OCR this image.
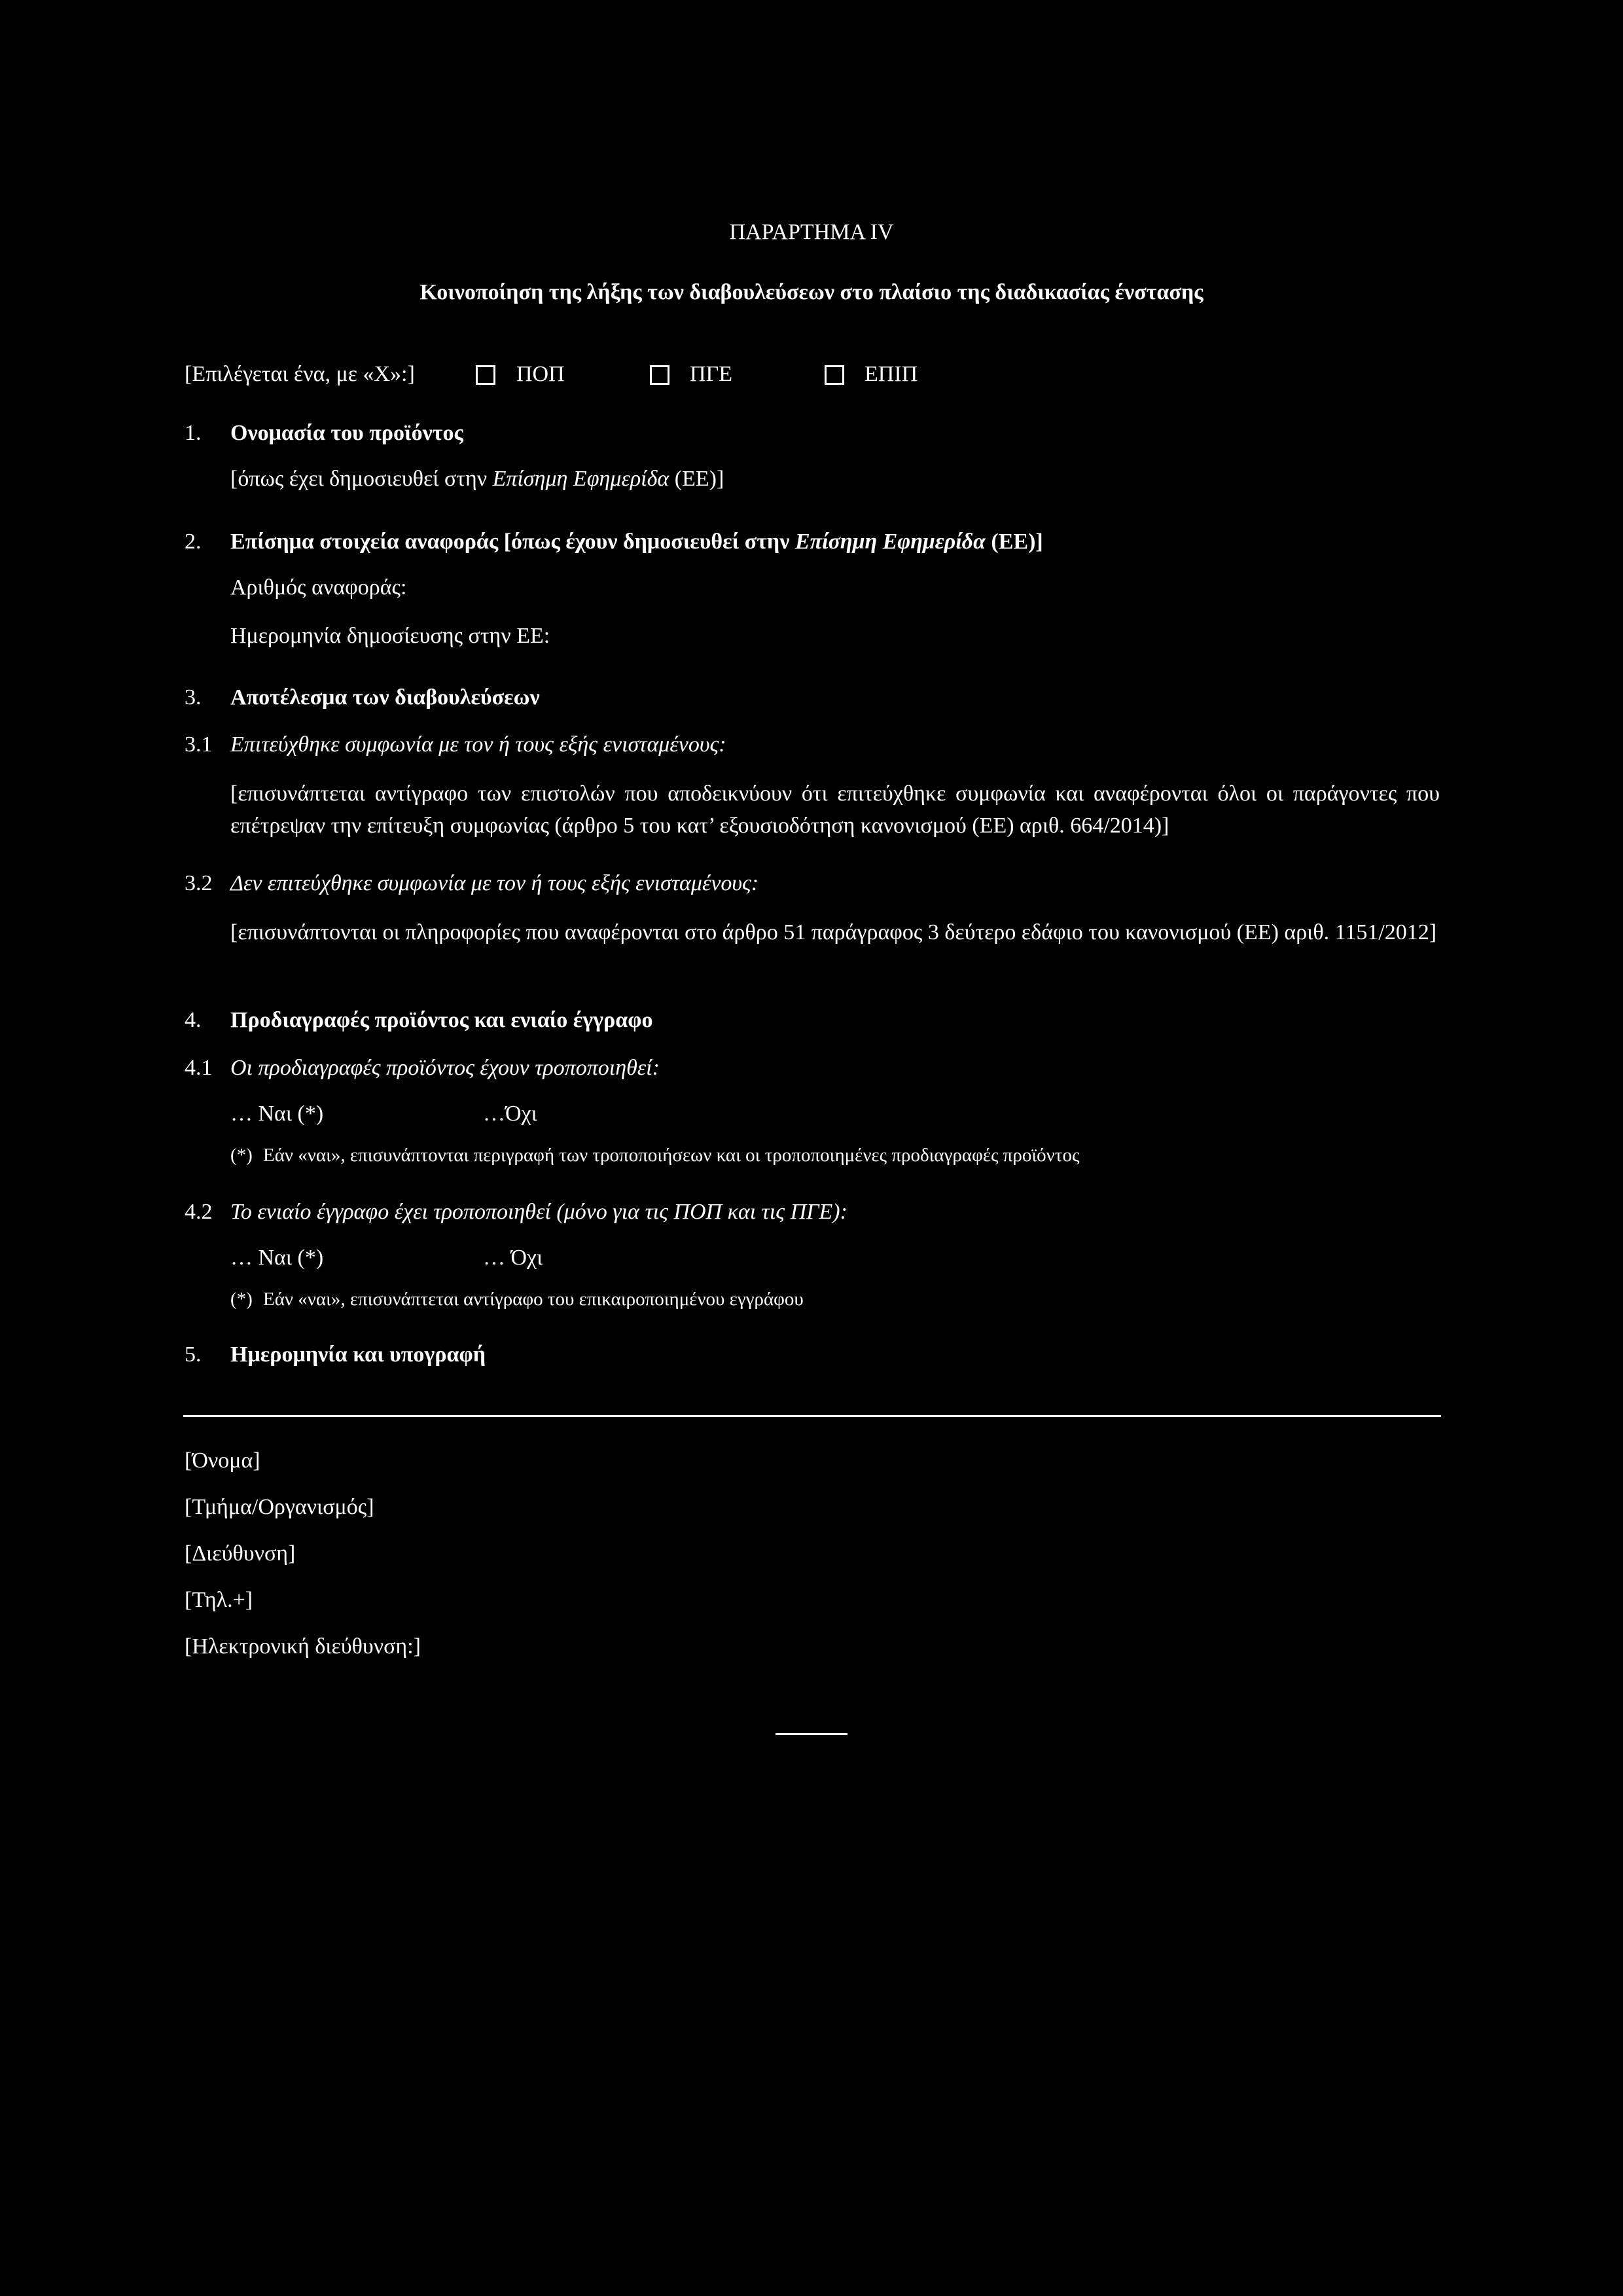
ΠΑΡΑΡΤΗΜΑ IV
Κοινοποίηση της λήξης των διαβουλεύσεων στο πλαίσιο της διαδικασίας ένστασης
[Επιλέγεται ένα, με «X»:]	ΠΟΠ	ΠΓΕ	ΕΠΙΠ
1. Ονομασία του προϊόντος
[όπως έχει δημοσιευθεί στην Επίσημη Εφημερίδα (ΕΕ)]
2. Επίσημα στοιχεία αναφοράς [όπως έχουν δημοσιευθεί στην Επίσημη Εφημερίδα (ΕΕ)]
Αριθμός αναφοράς:
Ημερομηνία δημοσίευσης στην ΕΕ:
3. Αποτέλεσμα των διαβουλεύσεων
3.1 Επιτεύχθηκε συμφωνία με τον ή τους εξής ενισταμένους:
[επισυνάπτεται αντίγραφο των επιστολών που αποδεικνύουν ότι επιτεύχθηκε συμφωνία και αναφέρονται όλοι οι παράγοντες που επέτρεψαν την επίτευξη συμφωνίας (άρθρο 5 του κατ’ εξουσιοδότηση κανονισμού (ΕΕ) αριθ. 664/2014)]
3.2 Δεν επιτεύχθηκε συμφωνία με τον ή τους εξής ενισταμένους:
[επισυνάπτονται οι πληροφορίες που αναφέρονται στο άρθρο 51 παράγραφος 3 δεύτερο εδάφιο του κανονισμού (ΕΕ) αριθ. 1151/2012]
4. Προδιαγραφές προϊόντος και ενιαίο έγγραφο
4.1 Οι προδιαγραφές προϊόντος έχουν τροποποιηθεί:
… Ναι (*)	…Όχι
(*) Εάν «ναι», επισυνάπτονται περιγραφή των τροποποιήσεων και οι τροποποιημένες προδιαγραφές προϊόντος
4.2 Το ενιαίο έγγραφο έχει τροποποιηθεί (μόνο για τις ΠΟΠ και τις ΠΓΕ):
… Ναι (*)	… Όχι
(*) Εάν «ναι», επισυνάπτεται αντίγραφο του επικαιροποιημένου εγγράφου
5. Ημερομηνία και υπογραφή
[Όνομα]
[Τμήμα/Οργανισμός]
[Διεύθυνση]
[Τηλ.+]
[Ηλεκτρονική διεύθυνση:]
